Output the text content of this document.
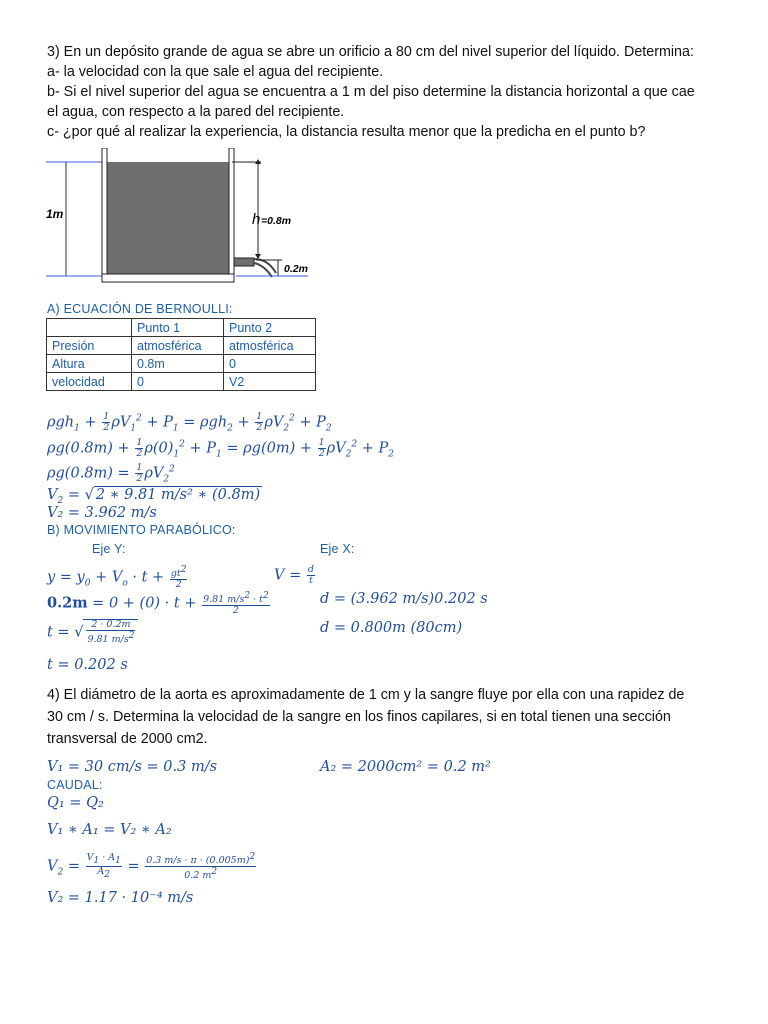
3) En un depósito grande de agua se abre un orificio a 80 cm del nivel superior del líquido. Determina:

a- la velocidad con la que sale el agua del recipiente.

b- Si el nivel superior del agua se encuentra a 1 m del piso determine la distancia horizontal a que cae

el agua, con respecto a la pared del recipiente.

c- ¿por qué al realizar la experiencia, la distancia resulta menor que la predicha en el punto b?

1m	h =0.8m
0.2m
A) ECUACIÓN DE BERNOULLI:
	Punto 1	Punto 2
Presión	atmosférica	atmosférica
Altura	0.8m	0
velocidad	0	V2
$\rho gh_1 + \frac{1}{2} \rho V_1^2 + P_1 = \rho gh_2 + \frac{1}{2} \rho V_2^2 + P_2$
$\rho g(0.8m) + \frac{1}{2} \rho(0)_1^2 + P_1 = \rho g(0m) + \frac{1}{2} \rho V_2^2 + P_2$
$\rho g(0.8m) = \frac{1}{2} \rho V_2^2$
$V_2$ = √ 2 ∗ 9.81 m/s² ∗ (0.8m)
V₂ = 3.962 m/s
B) MOVIMIENTO PARABÓLICO:
Eje Y:	Eje X:
$y = y_0 + V_o \cdot t + \frac{gt^2}{2}$	$V = \frac{d}{t}$
$0.2m = 0 + (0) \cdot t + \frac{9.81 m/s^2 \cdot t^2}{2}$	d = (3.962 m/s)0.202 s
t = √ $\frac{2 \cdot 0.2m}{9.81 m/s^2}$	d = 0.800m (80cm)
t = 0.202 s

4) El diámetro de la aorta es aproximadamente de 1 cm y la sangre fluye por ella con una rapidez de

30 cm / s. Determina la velocidad de la sangre en los finos capilares, si en total tienen una sección

transversal de 2000 cm2.

V₁ = 30 cm/s = 0.3 m/s	A₂ = 2000cm² = 0.2 m²
CAUDAL:
Q₁ = Q₂
V₁ ∗ A₁ = V₂ ∗ A₂
$V_2 = \frac{V_1 \cdot A_1}{A_2} = \frac{0.3 m/s \cdot \pi \cdot (0.005m)^2}{0.2 m^2}$
V₂ = 1.17 · 10⁻⁴ m/s
